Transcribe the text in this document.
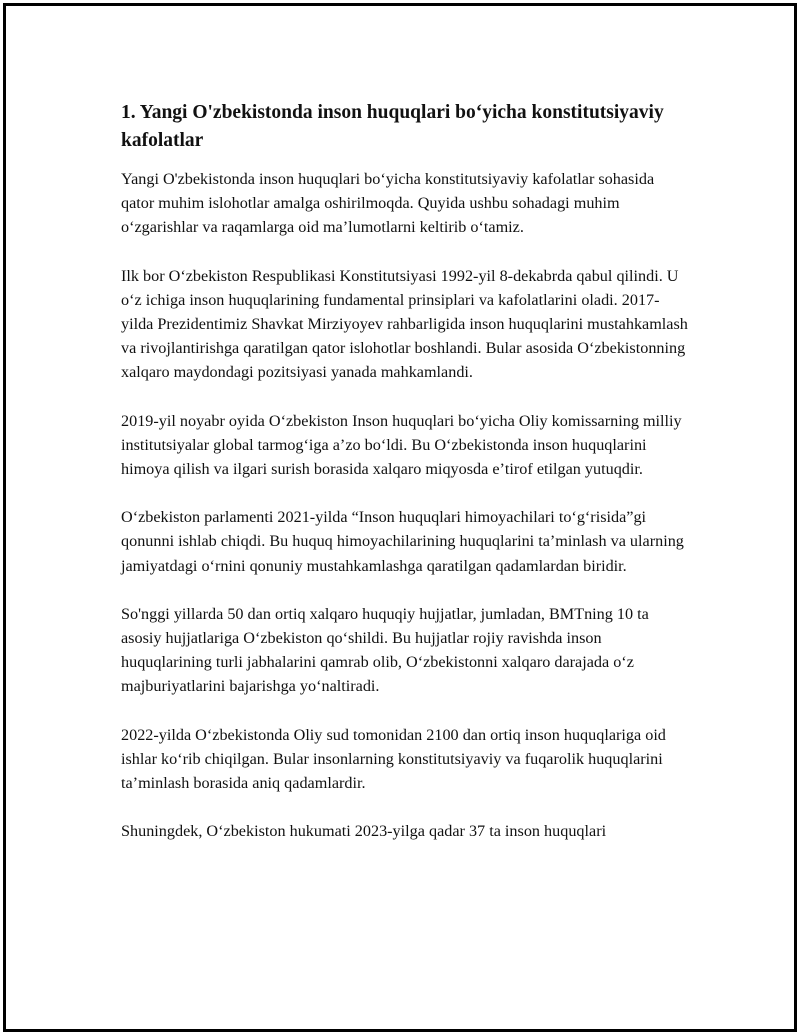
1. Yangi O'zbekistonda inson huquqlari boʻyicha konstitutsiyaviy kafolatlar

Yangi O'zbekistonda inson huquqlari boʻyicha konstitutsiyaviy kafolatlar sohasida qator muhim islohotlar amalga oshirilmoqda. Quyida ushbu sohadagi muhim oʻzgarishlar va raqamlarga oid maʼlumotlarni keltirib oʻtamiz.

Ilk bor Oʻzbekiston Respublikasi Konstitutsiyasi 1992-yil 8-dekabrda qabul qilindi. U oʻz ichiga inson huquqlarining fundamental prinsiplari va kafolatlarini oladi. 2017-yilda Prezidentimiz Shavkat Mirziyoyev rahbarligida inson huquqlarini mustahkamlash va rivojlantirishga qaratilgan qator islohotlar boshlandi. Bular asosida Oʻzbekistonning xalqaro maydondagi pozitsiyasi yanada mahkamlandi.

2019-yil noyabr oyida Oʻzbekiston Inson huquqlari boʻyicha Oliy komissarning milliy institutsiyalar global tarmogʻiga aʼzo boʻldi. Bu Oʻzbekistonda inson huquqlarini himoya qilish va ilgari surish borasida xalqaro miqyosda eʼtirof etilgan yutuqdir.

Oʻzbekiston parlamenti 2021-yilda “Inson huquqlari himoyachilari toʻgʻrisida”gi qonunni ishlab chiqdi. Bu huquq himoyachilarining huquqlarini taʼminlash va ularning jamiyatdagi oʻrnini qonuniy mustahkamlashga qaratilgan qadamlardan biridir.

So'nggi yillarda 50 dan ortiq xalqaro huquqiy hujjatlar, jumladan, BMTning 10 ta asosiy hujjatlariga Oʻzbekiston qoʻshildi. Bu hujjatlar rojiy ravishda inson huquqlarining turli jabhalarini qamrab olib, Oʻzbekistonni xalqaro darajada oʻz majburiyatlarini bajarishga yoʻnaltiradi.

2022-yilda Oʻzbekistonda Oliy sud tomonidan 2100 dan ortiq inson huquqlariga oid ishlar koʻrib chiqilgan. Bular insonlarning konstitutsiyaviy va fuqarolik huquqlarini taʼminlash borasida aniq qadamlardir.

Shuningdek, Oʻzbekiston hukumati 2023-yilga qadar 37 ta inson huquqlari
